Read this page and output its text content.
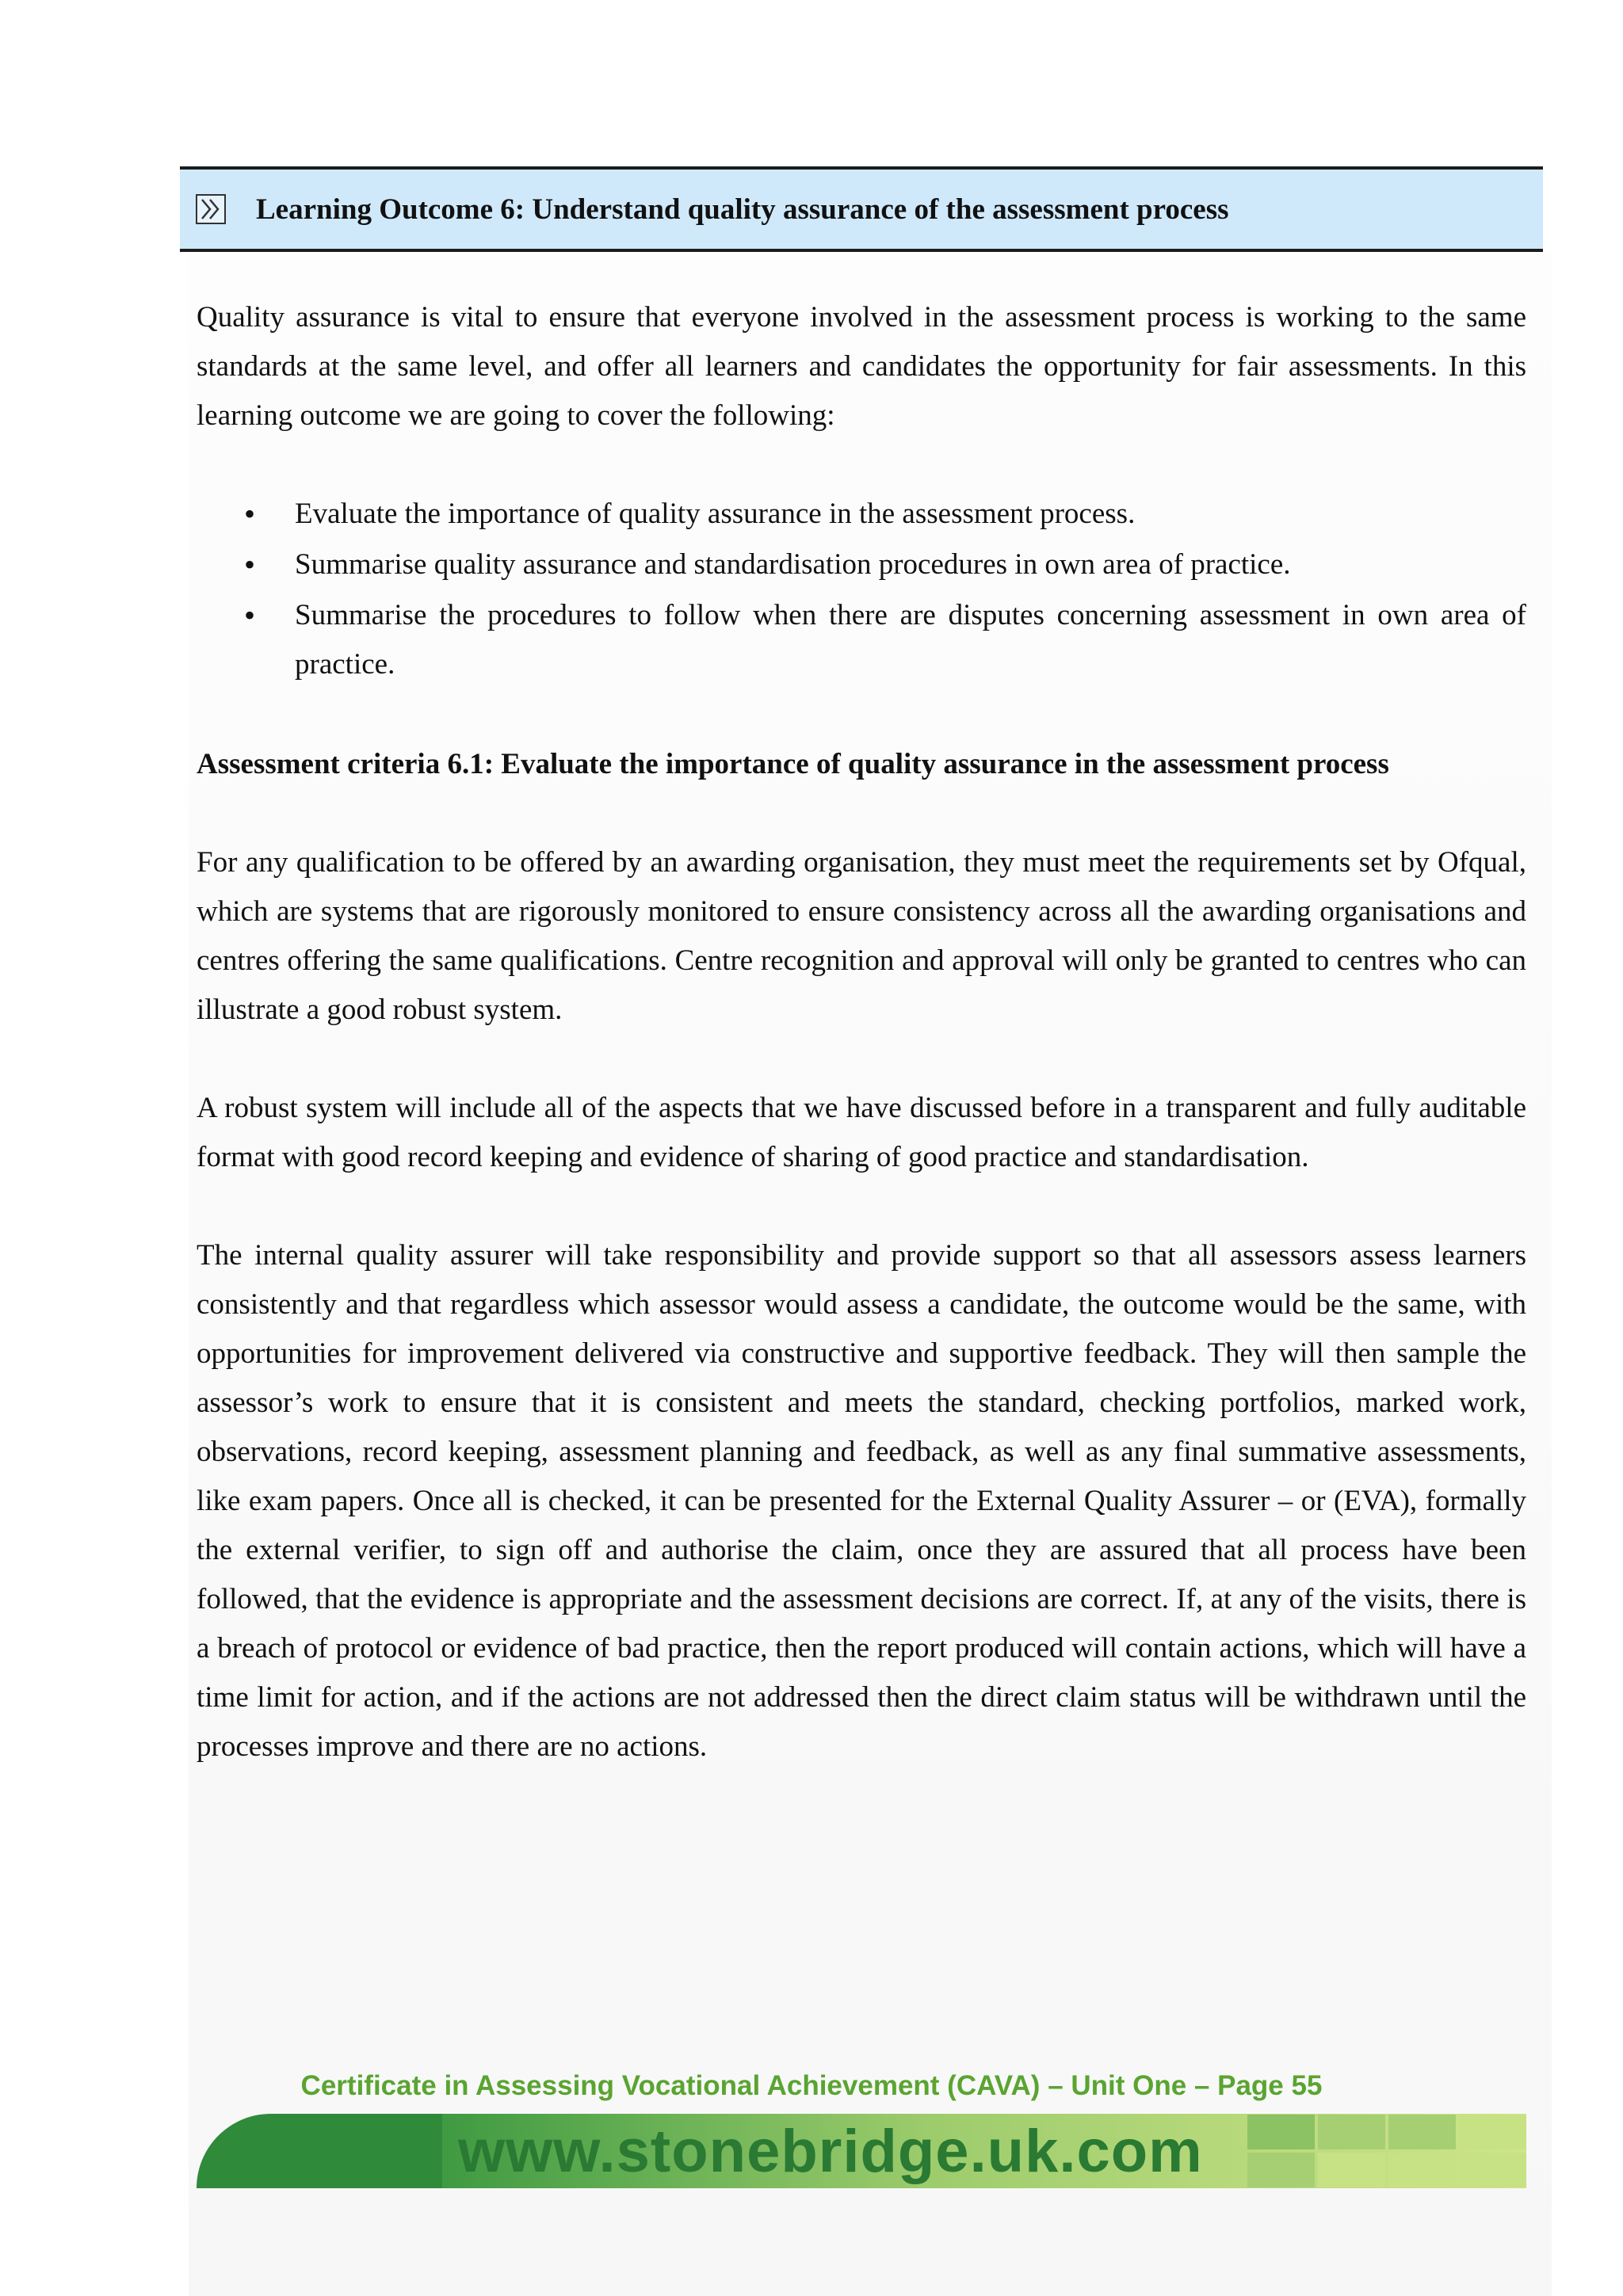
Learning Outcome 6: Understand quality assurance of the assessment process

Quality assurance is vital to ensure that everyone involved in the assessment process is working to the same standards at the same level, and offer all learners and candidates the opportunity for fair assessments. In this learning outcome we are going to cover the following:

• Evaluate the importance of quality assurance in the assessment process.
• Summarise quality assurance and standardisation procedures in own area of practice.
• Summarise the procedures to follow when there are disputes concerning assessment in own area of practice.

Assessment criteria 6.1: Evaluate the importance of quality assurance in the assessment process

For any qualification to be offered by an awarding organisation, they must meet the requirements set by Ofqual, which are systems that are rigorously monitored to ensure consistency across all the awarding organisations and centres offering the same qualifications. Centre recognition and approval will only be granted to centres who can illustrate a good robust system.

A robust system will include all of the aspects that we have discussed before in a transparent and fully auditable format with good record keeping and evidence of sharing of good practice and standardisation.

The internal quality assurer will take responsibility and provide support so that all assessors assess learners consistently and that regardless which assessor would assess a candidate, the outcome would be the same, with opportunities for improvement delivered via constructive and supportive feedback. They will then sample the assessor’s work to ensure that it is consistent and meets the standard, checking portfolios, marked work, observations, record keeping, assessment planning and feedback, as well as any final summative assessments, like exam papers. Once all is checked, it can be presented for the External Quality Assurer – or (EVA), formally the external verifier, to sign off and authorise the claim, once they are assured that all process have been followed, that the evidence is appropriate and the assessment decisions are correct. If, at any of the visits, there is a breach of protocol or evidence of bad practice, then the report produced will contain actions, which will have a time limit for action, and if the actions are not addressed then the direct claim status will be withdrawn until the processes improve and there are no actions.

Certificate in Assessing Vocational Achievement (CAVA) – Unit One – Page 55
www.stonebridge.uk.com
